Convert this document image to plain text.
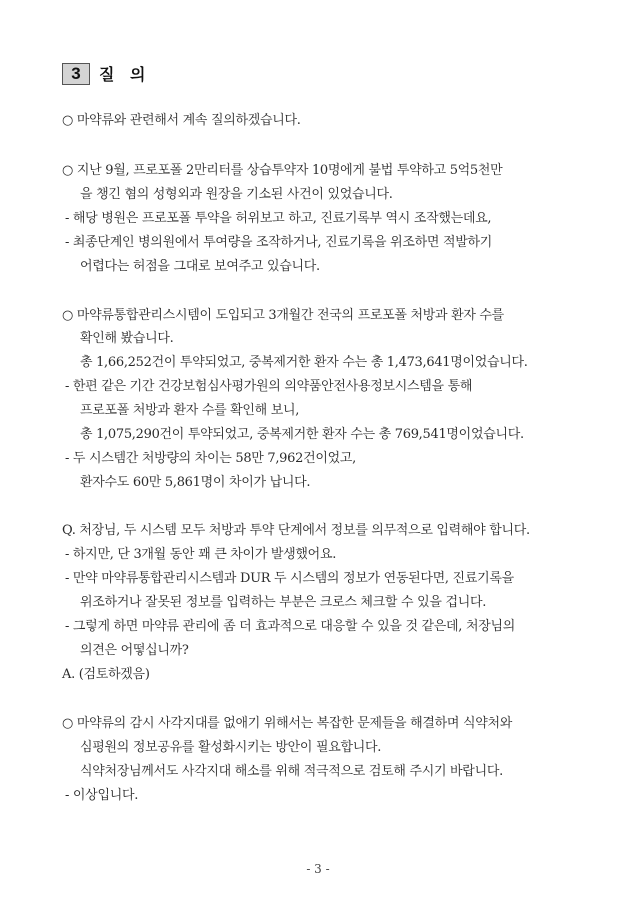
3	질 의
○ 마약류와 관련해서 계속 질의하겠습니다.
○ 지난 9월, 프로포폴 2만리터를 상습투약자 10명에게 불법 투약하고 5억5천만
을 챙긴 혐의 성형외과 원장을 기소된 사건이 있었습니다.
- 해당 병원은 프로포폴 투약을 허위보고 하고, 진료기록부 역시 조작했는데요,
- 최종단계인 병의원에서 투여량을 조작하거나, 진료기록을 위조하면 적발하기
어렵다는 허점을 그대로 보여주고 있습니다.
○ 마약류통합관리스시템이 도입되고 3개월간 전국의 프로포폴 처방과 환자 수를
확인해 봤습니다.
총 1,66,252건이 투약되었고, 중복제거한 환자 수는 총 1,473,641명이었습니다.
- 한편 같은 기간 건강보험심사평가원의 의약품안전사용정보시스템을 통해
프로포폴 처방과 환자 수를 확인해 보니,
총 1,075,290건이 투약되었고, 중복제거한 환자 수는 총 769,541명이었습니다.
- 두 시스템간 처방량의 차이는 58만 7,962건이었고,
환자수도 60만 5,861명이 차이가 납니다.
Q. 처장님, 두 시스템 모두 처방과 투약 단계에서 정보를 의무적으로 입력해야 합니다.
- 하지만, 단 3개월 동안 꽤 큰 차이가 발생했어요.
- 만약 마약류통합관리시스템과 DUR 두 시스템의 정보가 연동된다면, 진료기록을
위조하거나 잘못된 정보를 입력하는 부분은 크로스 체크할 수 있을 겁니다.
- 그렇게 하면 마약류 관리에 좀 더 효과적으로 대응할 수 있을 것 같은데, 처장님의
의견은 어떻십니까?
A. (검토하겠음)
○ 마약류의 감시 사각지대를 없애기 위해서는 복잡한 문제들을 해결하며 식약처와
심평원의 정보공유를 활성화시키는 방안이 필요합니다.
식약처장님께서도 사각지대 해소를 위해 적극적으로 검토해 주시기 바랍니다.
- 이상입니다.
- 3 -
